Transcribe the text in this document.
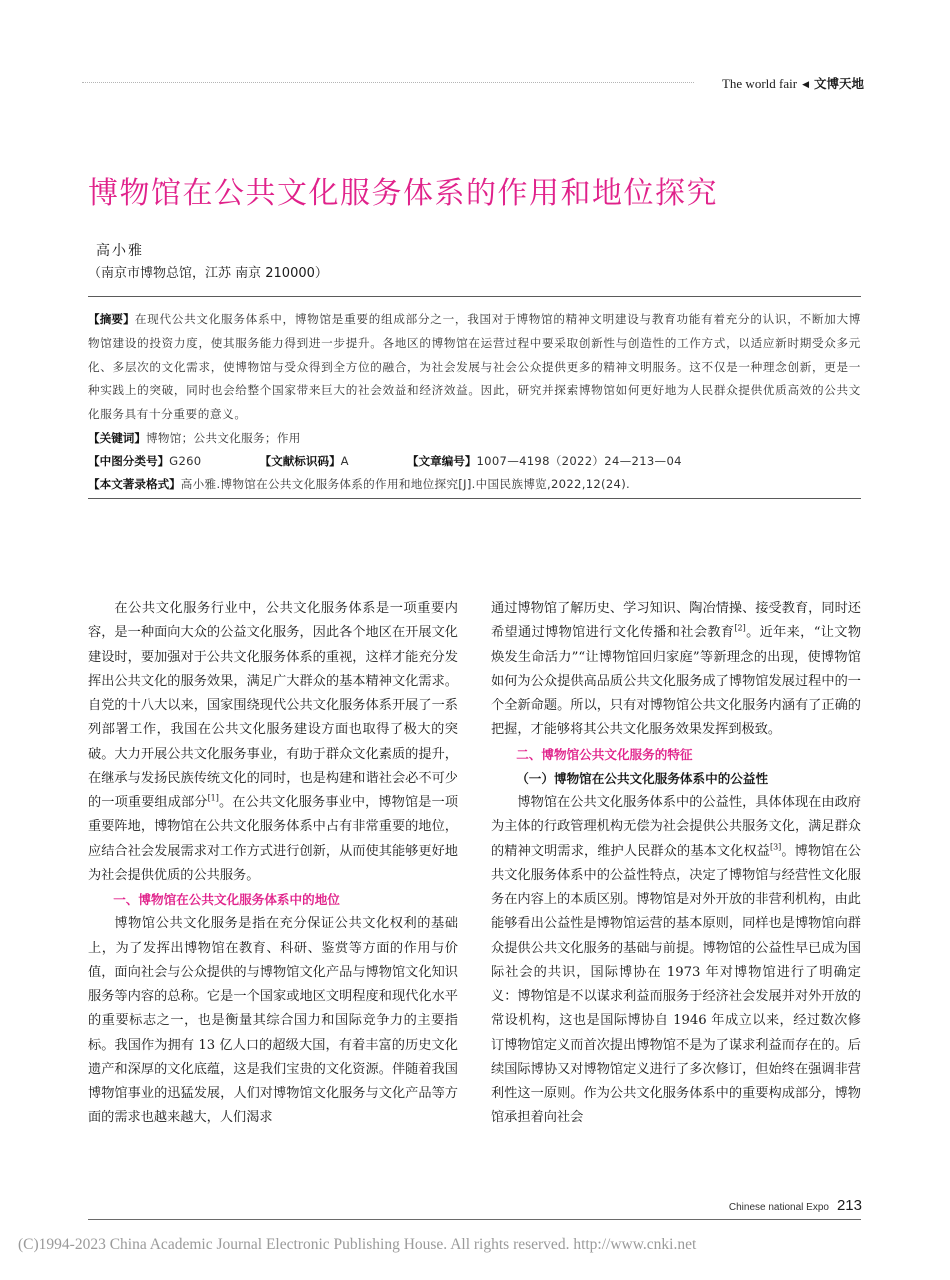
The world fair ◀ 文博天地
博物馆在公共文化服务体系的作用和地位探究
高小雅
（南京市博物总馆，江苏 南京 210000）

【摘要】在现代公共文化服务体系中，博物馆是重要的组成部分之一，我国对于博物馆的精神文明建设与教育功能有着充分的认识，不断加大博物馆建设的投资力度，使其服务能力得到进一步提升。各地区的博物馆在运营过程中要采取创新性与创造性的工作方式，以适应新时期受众多元化、多层次的文化需求，使博物馆与受众得到全方位的融合，为社会发展与社会公众提供更多的精神文明服务。这不仅是一种理念创新，更是一种实践上的突破，同时也会给整个国家带来巨大的社会效益和经济效益。因此，研究并探索博物馆如何更好地为人民群众提供优质高效的公共文化服务具有十分重要的意义。

【关键词】博物馆；公共文化服务；作用

【中图分类号】G260	【文献标识码】A	【文章编号】1007—4198（2022）24—213—04

【本文著录格式】高小雅.博物馆在公共文化服务体系的作用和地位探究[J].中国民族博览,2022,12(24).

在公共文化服务行业中，公共文化服务体系是一项重要内容，是一种面向大众的公益文化服务，因此各个地区在开展文化建设时，要加强对于公共文化服务体系的重视，这样才能充分发挥出公共文化的服务效果，满足广大群众的基本精神文化需求。自党的十八大以来，国家围绕现代公共文化服务体系开展了一系列部署工作，我国在公共文化服务建设方面也取得了极大的突破。大力开展公共文化服务事业，有助于群众文化素质的提升，在继承与发扬民族传统文化的同时，也是构建和谐社会必不可少的一项重要组成部分[1]。在公共文化服务事业中，博物馆是一项重要阵地，博物馆在公共文化服务体系中占有非常重要的地位，应结合社会发展需求对工作方式进行创新，从而使其能够更好地为社会提供优质的公共服务。

一、博物馆在公共文化服务体系中的地位

博物馆公共文化服务是指在充分保证公共文化权利的基础上，为了发挥出博物馆在教育、科研、鉴赏等方面的作用与价值，面向社会与公众提供的与博物馆文化产品与博物馆文化知识服务等内容的总称。它是一个国家或地区文明程度和现代化水平的重要标志之一，也是衡量其综合国力和国际竞争力的主要指标。我国作为拥有 13 亿人口的超级大国，有着丰富的历史文化遗产和深厚的文化底蕴，这是我们宝贵的文化资源。伴随着我国博物馆事业的迅猛发展，人们对博物馆文化服务与文化产品等方面的需求也越来越大，人们渴求

通过博物馆了解历史、学习知识、陶冶情操、接受教育，同时还希望通过博物馆进行文化传播和社会教育[2]。近年来，“让文物焕发生命活力”“让博物馆回归家庭”等新理念的出现，使博物馆如何为公众提供高品质公共文化服务成了博物馆发展过程中的一个全新命题。所以，只有对博物馆公共文化服务内涵有了正确的把握，才能够将其公共文化服务效果发挥到极致。

二、博物馆公共文化服务的特征

（一）博物馆在公共文化服务体系中的公益性

博物馆在公共文化服务体系中的公益性，具体体现在由政府为主体的行政管理机构无偿为社会提供公共服务文化，满足群众的精神文明需求，维护人民群众的基本文化权益[3]。博物馆在公共文化服务体系中的公益性特点，决定了博物馆与经营性文化服务在内容上的本质区别。博物馆是对外开放的非营利机构，由此能够看出公益性是博物馆运营的基本原则，同样也是博物馆向群众提供公共文化服务的基础与前提。博物馆的公益性早已成为国际社会的共识，国际博协在 1973 年对博物馆进行了明确定义：博物馆是不以谋求利益而服务于经济社会发展并对外开放的常设机构，这也是国际博协自 1946 年成立以来，经过数次修订博物馆定义而首次提出博物馆不是为了谋求利益而存在的。后续国际博协又对博物馆定义进行了多次修订，但始终在强调非营利性这一原则。作为公共文化服务体系中的重要构成部分，博物馆承担着向社会

Chinese national Expo 213
(C)1994-2023 China Academic Journal Electronic Publishing House. All rights reserved. http://www.cnki.net
